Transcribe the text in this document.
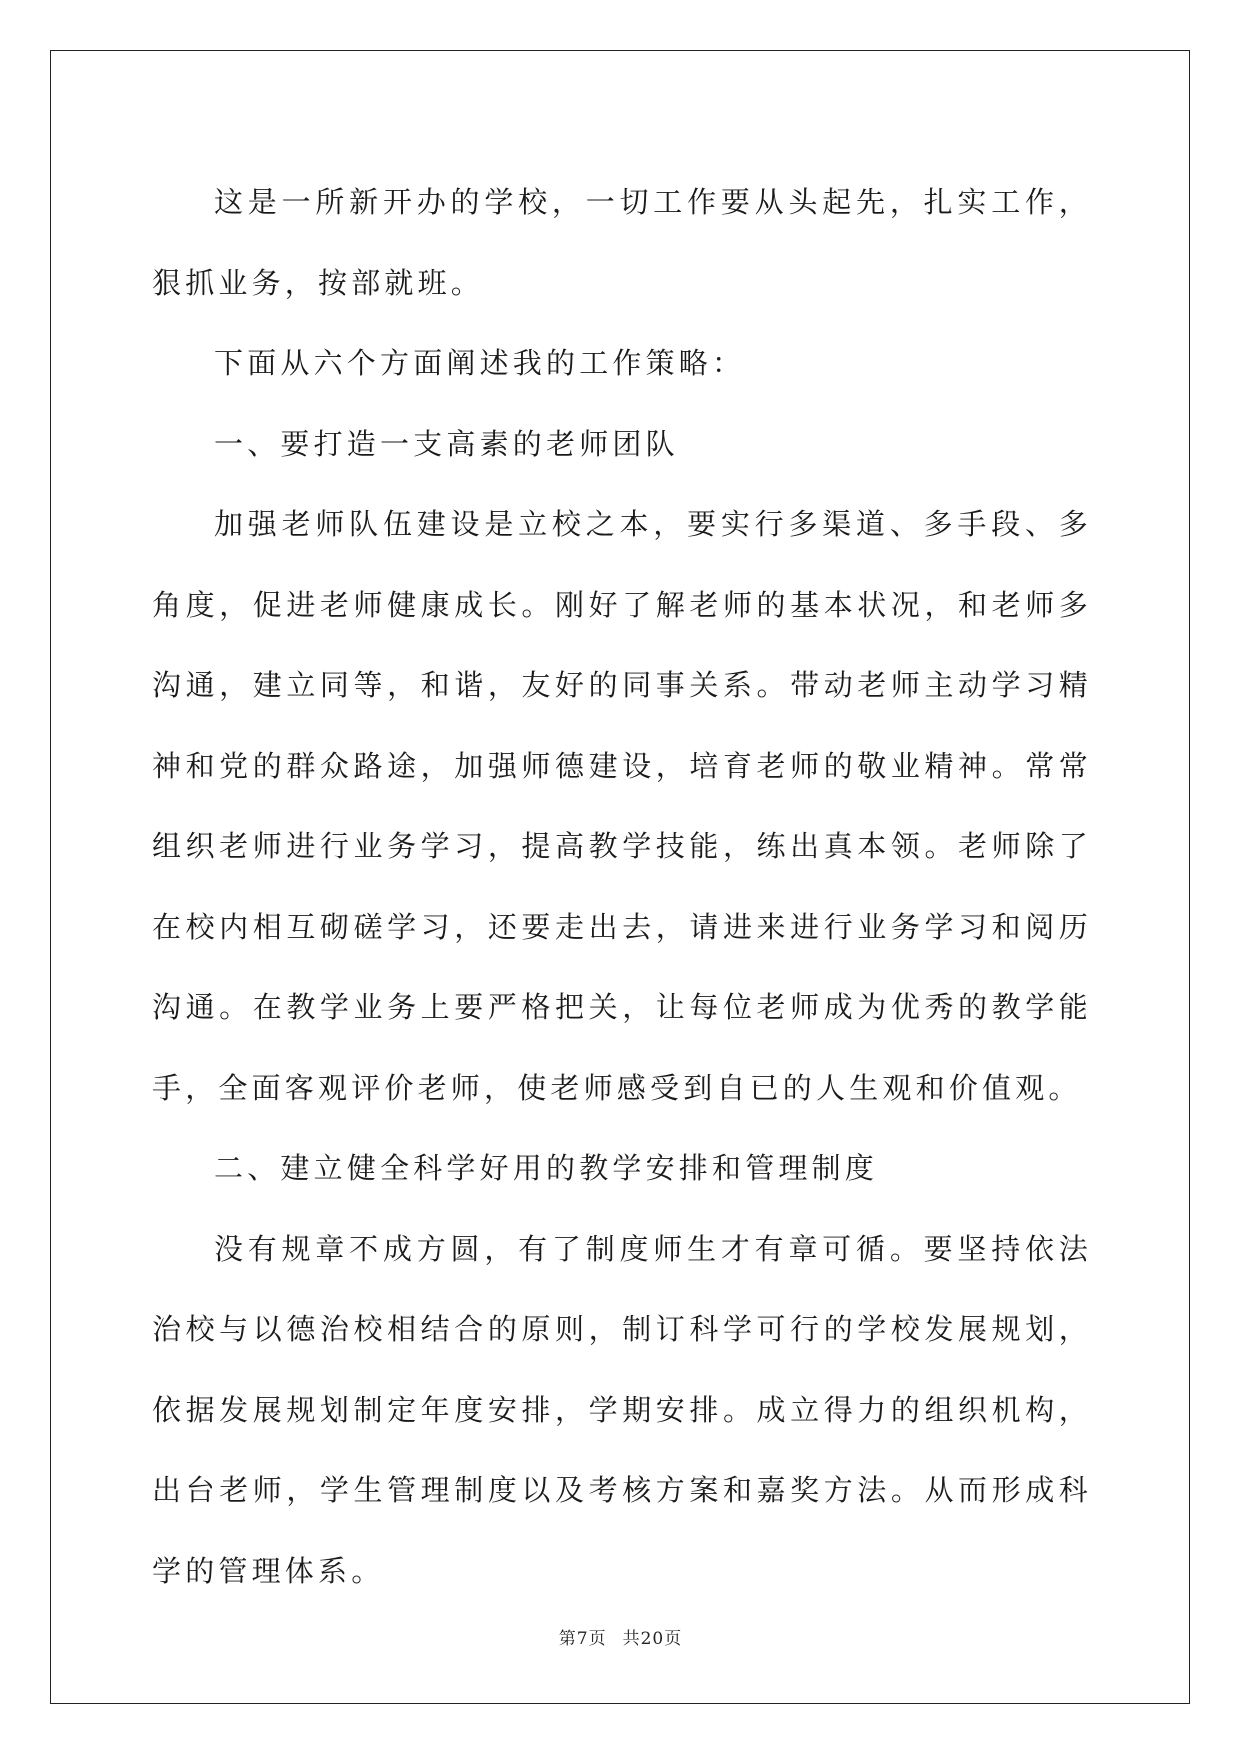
这是一所新开办的学校，一切工作要从头起先，扎实工作，狠抓业务，按部就班。

下面从六个方面阐述我的工作策略：

一、要打造一支高素的老师团队

加强老师队伍建设是立校之本，要实行多渠道、多手段、多角度，促进老师健康成长。刚好了解老师的基本状况，和老师多沟通，建立同等，和谐，友好的同事关系。带动老师主动学习精神和党的群众路途，加强师德建设，培育老师的敬业精神。常常组织老师进行业务学习，提高教学技能，练出真本领。老师除了在校内相互砌磋学习，还要走出去，请进来进行业务学习和阅历沟通。在教学业务上要严格把关，让每位老师成为优秀的教学能手，全面客观评价老师，使老师感受到自已的人生观和价值观。

二、建立健全科学好用的教学安排和管理制度

没有规章不成方圆，有了制度师生才有章可循。要坚持依法治校与以德治校相结合的原则，制订科学可行的学校发展规划，依据发展规划制定年度安排，学期安排。成立得力的组织机构，出台老师，学生管理制度以及考核方案和嘉奖方法。从而形成科学的管理体系。

第7页 共20页
